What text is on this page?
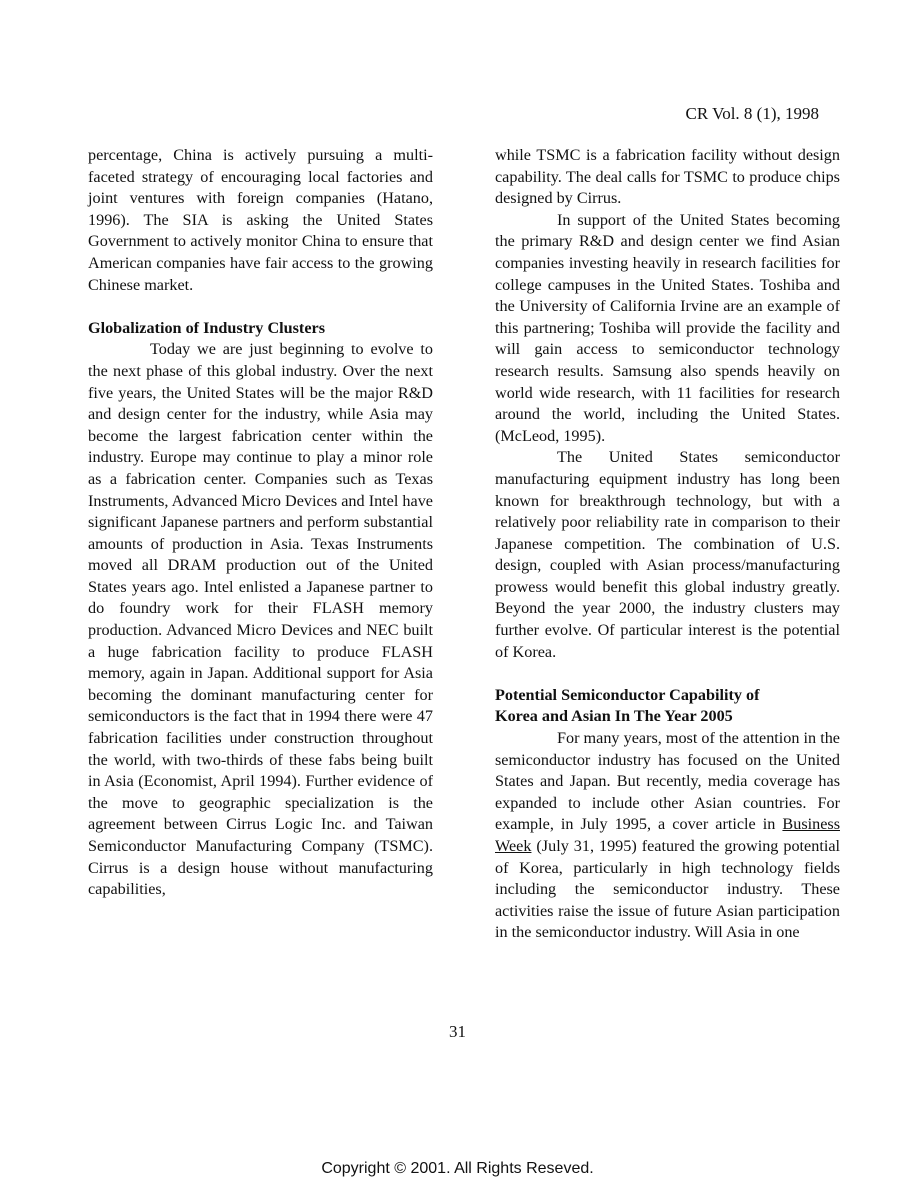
CR Vol. 8 (1), 1998

percentage, China is actively pursuing a multi-faceted strategy of encouraging local factories and joint ventures with foreign companies (Hatano, 1996). The SIA is asking the United States Government to actively monitor China to ensure that American companies have fair access to the growing Chinese market.

Globalization of Industry Clusters

Today we are just beginning to evolve to the next phase of this global industry. Over the next five years, the United States will be the major R&D and design center for the industry, while Asia may become the largest fabrication center within the industry. Europe may continue to play a minor role as a fabrication center. Companies such as Texas Instruments, Advanced Micro Devices and Intel have significant Japanese partners and perform substantial amounts of production in Asia. Texas Instruments moved all DRAM production out of the United States years ago. Intel enlisted a Japanese partner to do foundry work for their FLASH memory production. Advanced Micro Devices and NEC built a huge fabrication facility to produce FLASH memory, again in Japan. Additional support for Asia becoming the dominant manufacturing center for semiconductors is the fact that in 1994 there were 47 fabrication facilities under construction throughout the world, with two-thirds of these fabs being built in Asia (Economist, April 1994). Further evidence of the move to geographic specialization is the agreement between Cirrus Logic Inc. and Taiwan Semiconductor Manufacturing Company (TSMC). Cirrus is a design house without manufacturing capabilities,

while TSMC is a fabrication facility without design capability. The deal calls for TSMC to produce chips designed by Cirrus.

In support of the United States becoming the primary R&D and design center we find Asian companies investing heavily in research facilities for college campuses in the United States. Toshiba and the University of California Irvine are an example of this partnering; Toshiba will provide the facility and will gain access to semiconductor technology research results. Samsung also spends heavily on world wide research, with 11 facilities for research around the world, including the United States. (McLeod, 1995).

The United States semiconductor manufacturing equipment industry has long been known for breakthrough technology, but with a relatively poor reliability rate in comparison to their Japanese competition. The combination of U.S. design, coupled with Asian process/manufacturing prowess would benefit this global industry greatly. Beyond the year 2000, the industry clusters may further evolve. Of particular interest is the potential of Korea.

Potential Semiconductor Capability of
Korea and Asian In The Year 2005

For many years, most of the attention in the semiconductor industry has focused on the United States and Japan. But recently, media coverage has expanded to include other Asian countries. For example, in July 1995, a cover article in Business Week (July 31, 1995) featured the growing potential of Korea, particularly in high technology fields including the semiconductor industry. These activities raise the issue of future Asian participation in the semiconductor industry. Will Asia in one

31
Copyright © 2001. All Rights Reseved.
